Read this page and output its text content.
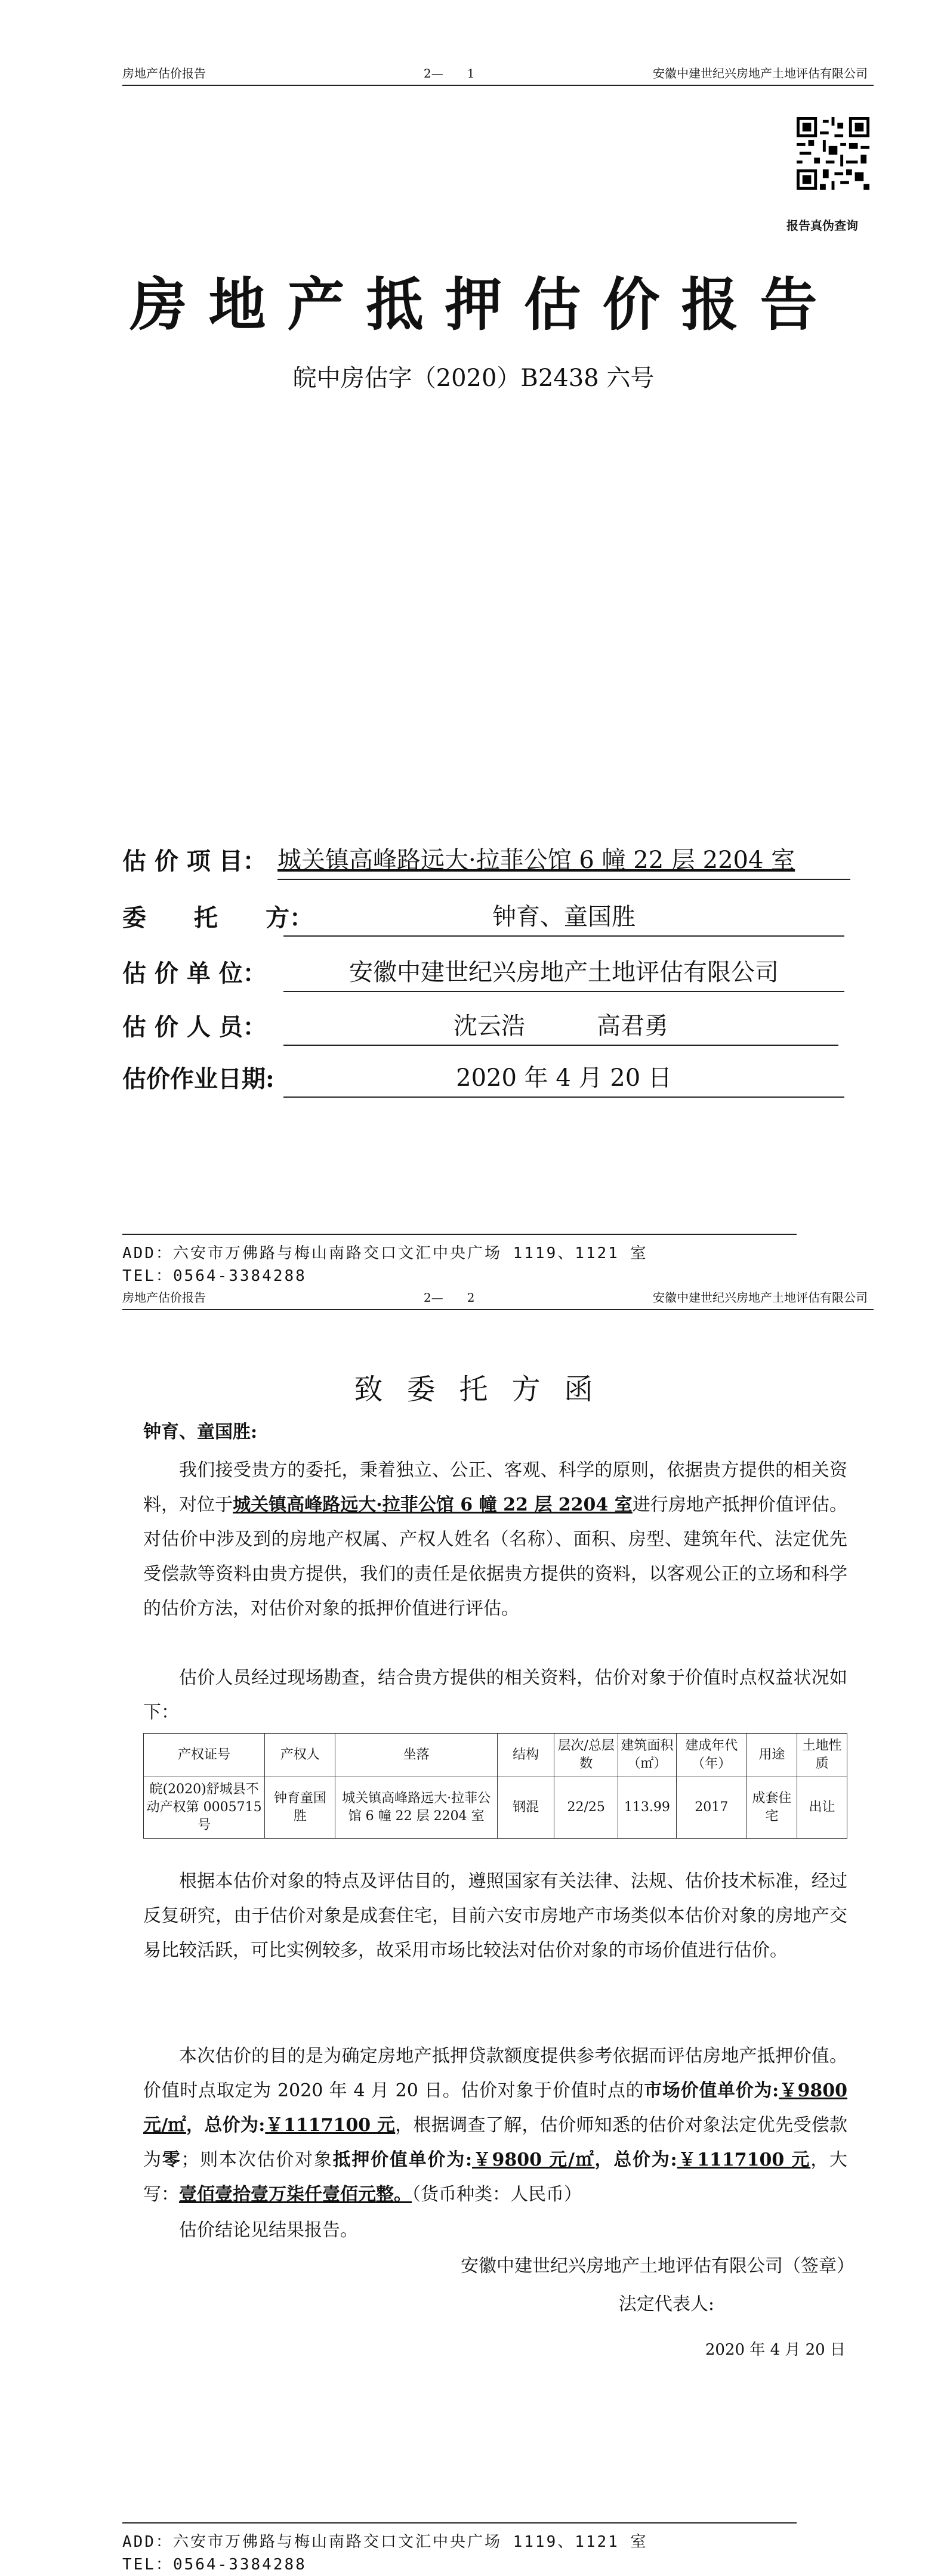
房地产估价报告	2—　　1	安徽中建世纪兴房地产土地评估有限公司
报告真伪查询
房地产抵押估价报告
皖中房估字（2020）B2438 六号
估 价 项 目： 城关镇高峰路远大·拉菲公馆 6 幢 22 层 2204 室
委　　托　　方：	钟育、童国胜
估 价 单 位：	安徽中建世纪兴房地产土地评估有限公司
估 价 人 员：	沈云浩　　　高君勇
估价作业日期:	2020 年 4 月 20 日
ADD：六安市万佛路与梅山南路交口文汇中央广场 1119、1121 室
TEL：0564-3384288
房地产估价报告	2—　　2	安徽中建世纪兴房地产土地评估有限公司
致委托方函
钟育、童国胜:

我们接受贵方的委托，秉着独立、公正、客观、科学的原则，依据贵方提供的相关资料，对位于城关镇高峰路远大·拉菲公馆 6 幢 22 层 2204 室进行房地产抵押价值评估。对估价中涉及到的房地产权属、产权人姓名（名称）、面积、房型、建筑年代、法定优先受偿款等资料由贵方提供，我们的责任是依据贵方提供的资料，以客观公正的立场和科学的估价方法，对估价对象的抵押价值进行评估。

估价人员经过现场勘查，结合贵方提供的相关资料，估价对象于价值时点权益状况如下：

产权证号	产权人	坐落	结构	层次/总层数	建筑面积（㎡）	建成年代（年）	用途	土地性质
皖(2020)舒城县不动产权第 0005715 号	钟育童国胜	城关镇高峰路远大·拉菲公馆 6 幢 22 层 2204 室	钢混	22/25	113.99	2017	成套住宅	出让

根据本估价对象的特点及评估目的，遵照国家有关法律、法规、估价技术标准，经过反复研究，由于估价对象是成套住宅，目前六安市房地产市场类似本估价对象的房地产交易比较活跃，可比实例较多，故采用市场比较法对估价对象的市场价值进行估价。

本次估价的目的是为确定房地产抵押贷款额度提供参考依据而评估房地产抵押价值。价值时点取定为 2020 年 4 月 20 日。估价对象于价值时点的市场价值单价为:￥9800 元/㎡，总价为:￥1117100 元，根据调查了解，估价师知悉的估价对象法定优先受偿款为零；则本次估价对象抵押价值单价为:￥9800 元/㎡，总价为:￥1117100 元，大写：壹佰壹拾壹万柒仟壹佰元整。（货币种类：人民币）

估价结论见结果报告。

安徽中建世纪兴房地产土地评估有限公司（签章）
法定代表人:
2020 年 4 月 20 日
ADD：六安市万佛路与梅山南路交口文汇中央广场 1119、1121 室
TEL：0564-3384288
